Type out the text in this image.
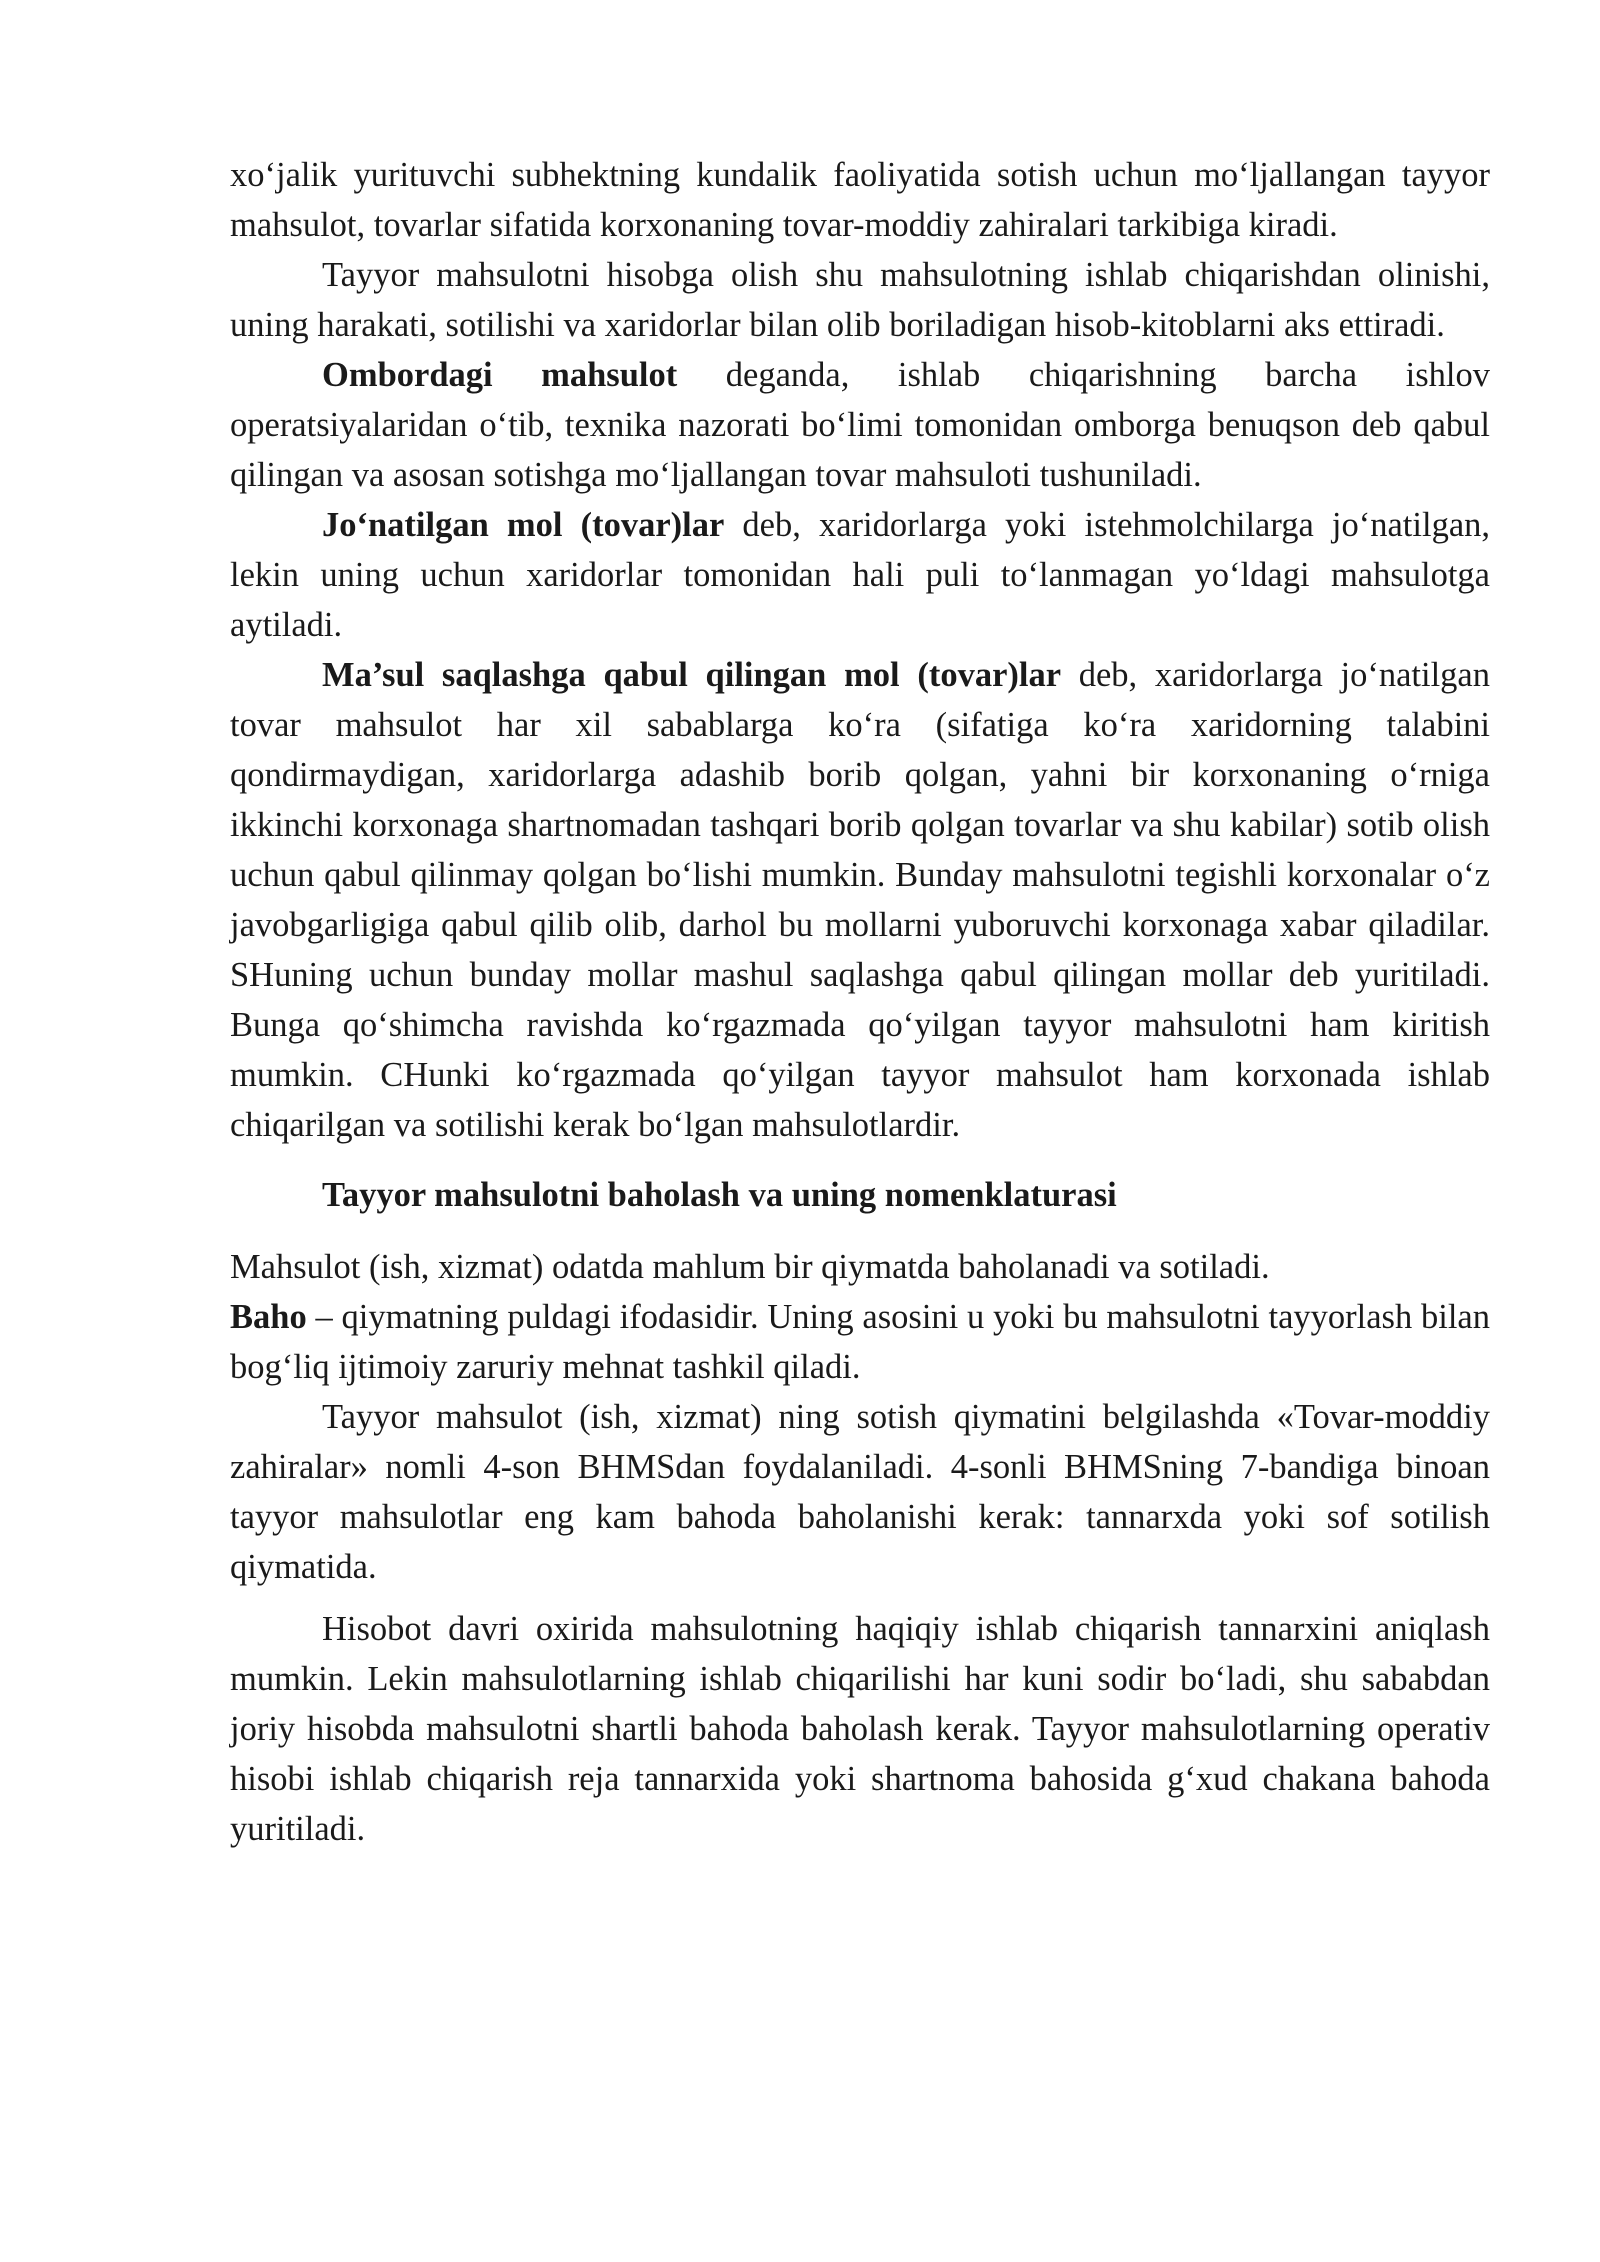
xo‘jalik yurituvchi subhektning kundalik faoliyatida sotish uchun mo‘ljallangan tayyor mahsulot, tovarlar sifatida korxonaning tovar-moddiy zahiralari tarkibiga kiradi.

Tayyor mahsulotni hisobga olish shu mahsulotning ishlab chiqarishdan olinishi, uning harakati, sotilishi va xaridorlar bilan olib boriladigan hisob-kitoblarni aks ettiradi.

Ombordagi mahsulot deganda, ishlab chiqarishning barcha ishlov operatsiyalaridan o‘tib, texnika nazorati bo‘limi tomonidan omborga benuqson deb qabul qilingan va asosan sotishga mo‘ljallangan tovar mahsuloti tushuniladi.

Jo‘natilgan mol (tovar)lar deb, xaridorlarga yoki istehmolchilarga jo‘natilgan, lekin uning uchun xaridorlar tomonidan hali puli to‘lanmagan yo‘ldagi mahsulotga aytiladi.

Ma’sul saqlashga qabul qilingan mol (tovar)lar deb, xaridorlarga jo‘natilgan tovar mahsulot har xil sabablarga ko‘ra (sifatiga ko‘ra xaridorning talabini qondirmaydigan, xaridorlarga adashib borib qolgan, yahni bir korxonaning o‘rniga ikkinchi korxonaga shartnomadan tashqari borib qolgan tovarlar va shu kabilar) sotib olish uchun qabul qilinmay qolgan bo‘lishi mumkin. Bunday mahsulotni tegishli korxonalar o‘z javobgarligiga qabul qilib olib, darhol bu mollarni yuboruvchi korxonaga xabar qiladilar. SHuning uchun bunday mollar mashul saqlashga qabul qilingan mollar deb yuritiladi. Bunga qo‘shimcha ravishda ko‘rgazmada qo‘yilgan tayyor mahsulotni ham kiritish mumkin. CHunki ko‘rgazmada qo‘yilgan tayyor mahsulot ham korxonada ishlab chiqarilgan va sotilishi kerak bo‘lgan mahsulotlardir.

Tayyor mahsulotni baholash va uning nomenklaturasi

Mahsulot (ish, xizmat) odatda mahlum bir qiymatda baholanadi va sotiladi.

Baho – qiymatning puldagi ifodasidir. Uning asosini u yoki bu mahsulotni tayyorlash bilan bog‘liq ijtimoiy zaruriy mehnat tashkil qiladi.

Tayyor mahsulot (ish, xizmat) ning sotish qiymatini belgilashda «Tovar-moddiy zahiralar» nomli 4-son BHMSdan foydalaniladi. 4-sonli BHMSning 7-bandiga binoan tayyor mahsulotlar eng kam bahoda baholanishi kerak: tannarxda yoki sof sotilish qiymatida.

Hisobot davri oxirida mahsulotning haqiqiy ishlab chiqarish tannarxini aniqlash mumkin. Lekin mahsulotlarning ishlab chiqarilishi har kuni sodir bo‘ladi, shu sababdan joriy hisobda mahsulotni shartli bahoda baholash kerak. Tayyor mahsulotlarning operativ hisobi ishlab chiqarish reja tannarxida yoki shartnoma bahosida g‘xud chakana bahoda yuritiladi.
